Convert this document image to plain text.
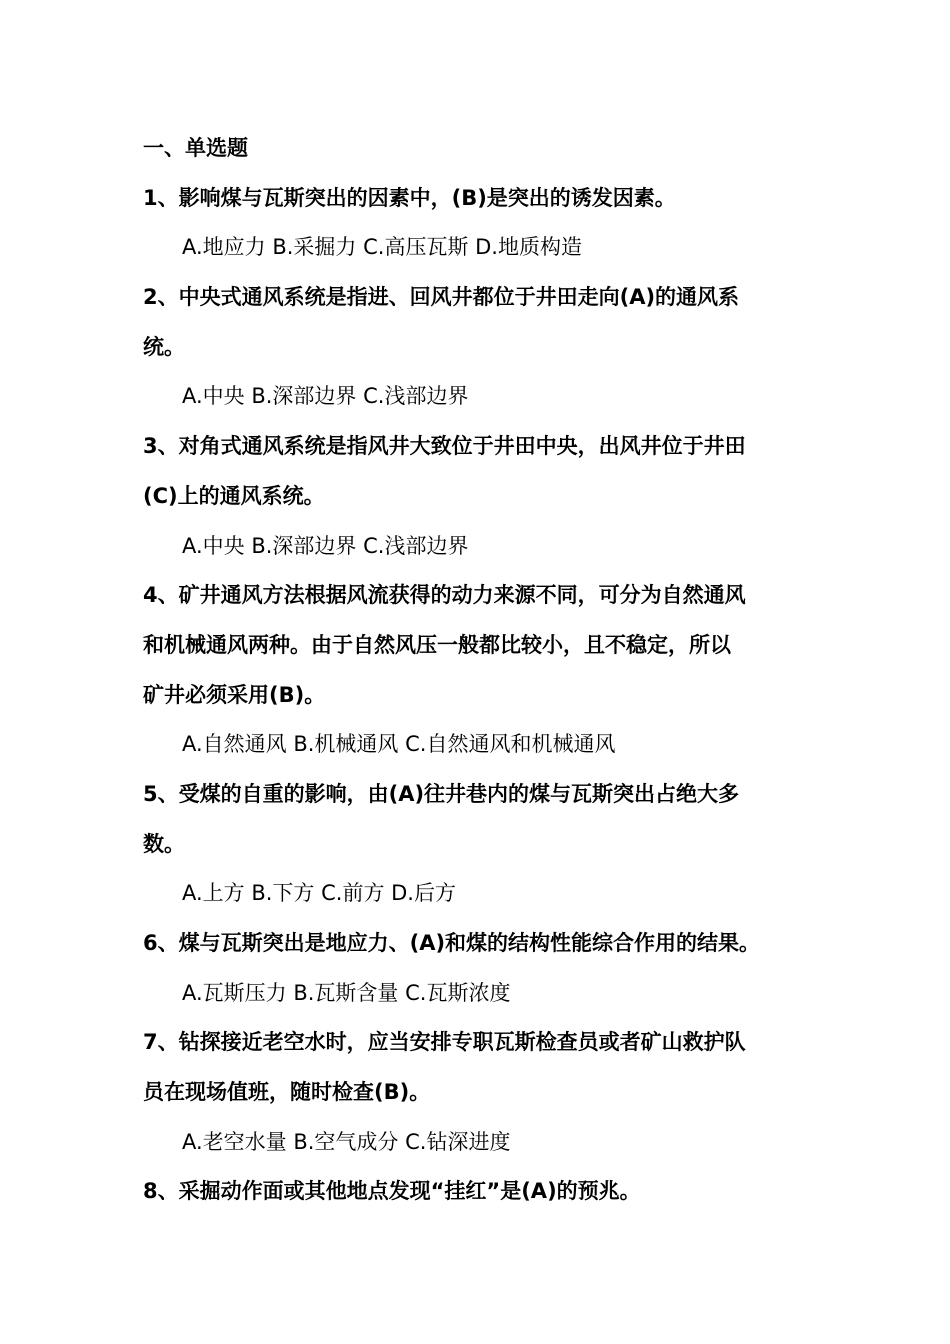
一、单选题
1、影响煤与瓦斯突出的因素中，(B)是突出的诱发因素。
A.地应力 B.采掘力 C.高压瓦斯 D.地质构造
2、中央式通风系统是指进、回风井都位于井田走向(A)的通风系
统。
A.中央 B.深部边界 C.浅部边界
3、对角式通风系统是指风井大致位于井田中央，出风井位于井田
(C)上的通风系统。
A.中央 B.深部边界 C.浅部边界
4、矿井通风方法根据风流获得的动力来源不同，可分为自然通风
和机械通风两种。由于自然风压一般都比较小，且不稳定，所以
矿井必须采用(B)。
A.自然通风 B.机械通风 C.自然通风和机械通风
5、受煤的自重的影响，由(A)往井巷内的煤与瓦斯突出占绝大多
数。
A.上方 B.下方 C.前方 D.后方
6、煤与瓦斯突出是地应力、(A)和煤的结构性能综合作用的结果。
A.瓦斯压力 B.瓦斯含量 C.瓦斯浓度
7、钻探接近老空水时，应当安排专职瓦斯检查员或者矿山救护队
员在现场值班，随时检查(B)。
A.老空水量 B.空气成分 C.钻深进度
8、采掘动作面或其他地点发现“挂红”是(A)的预兆。
